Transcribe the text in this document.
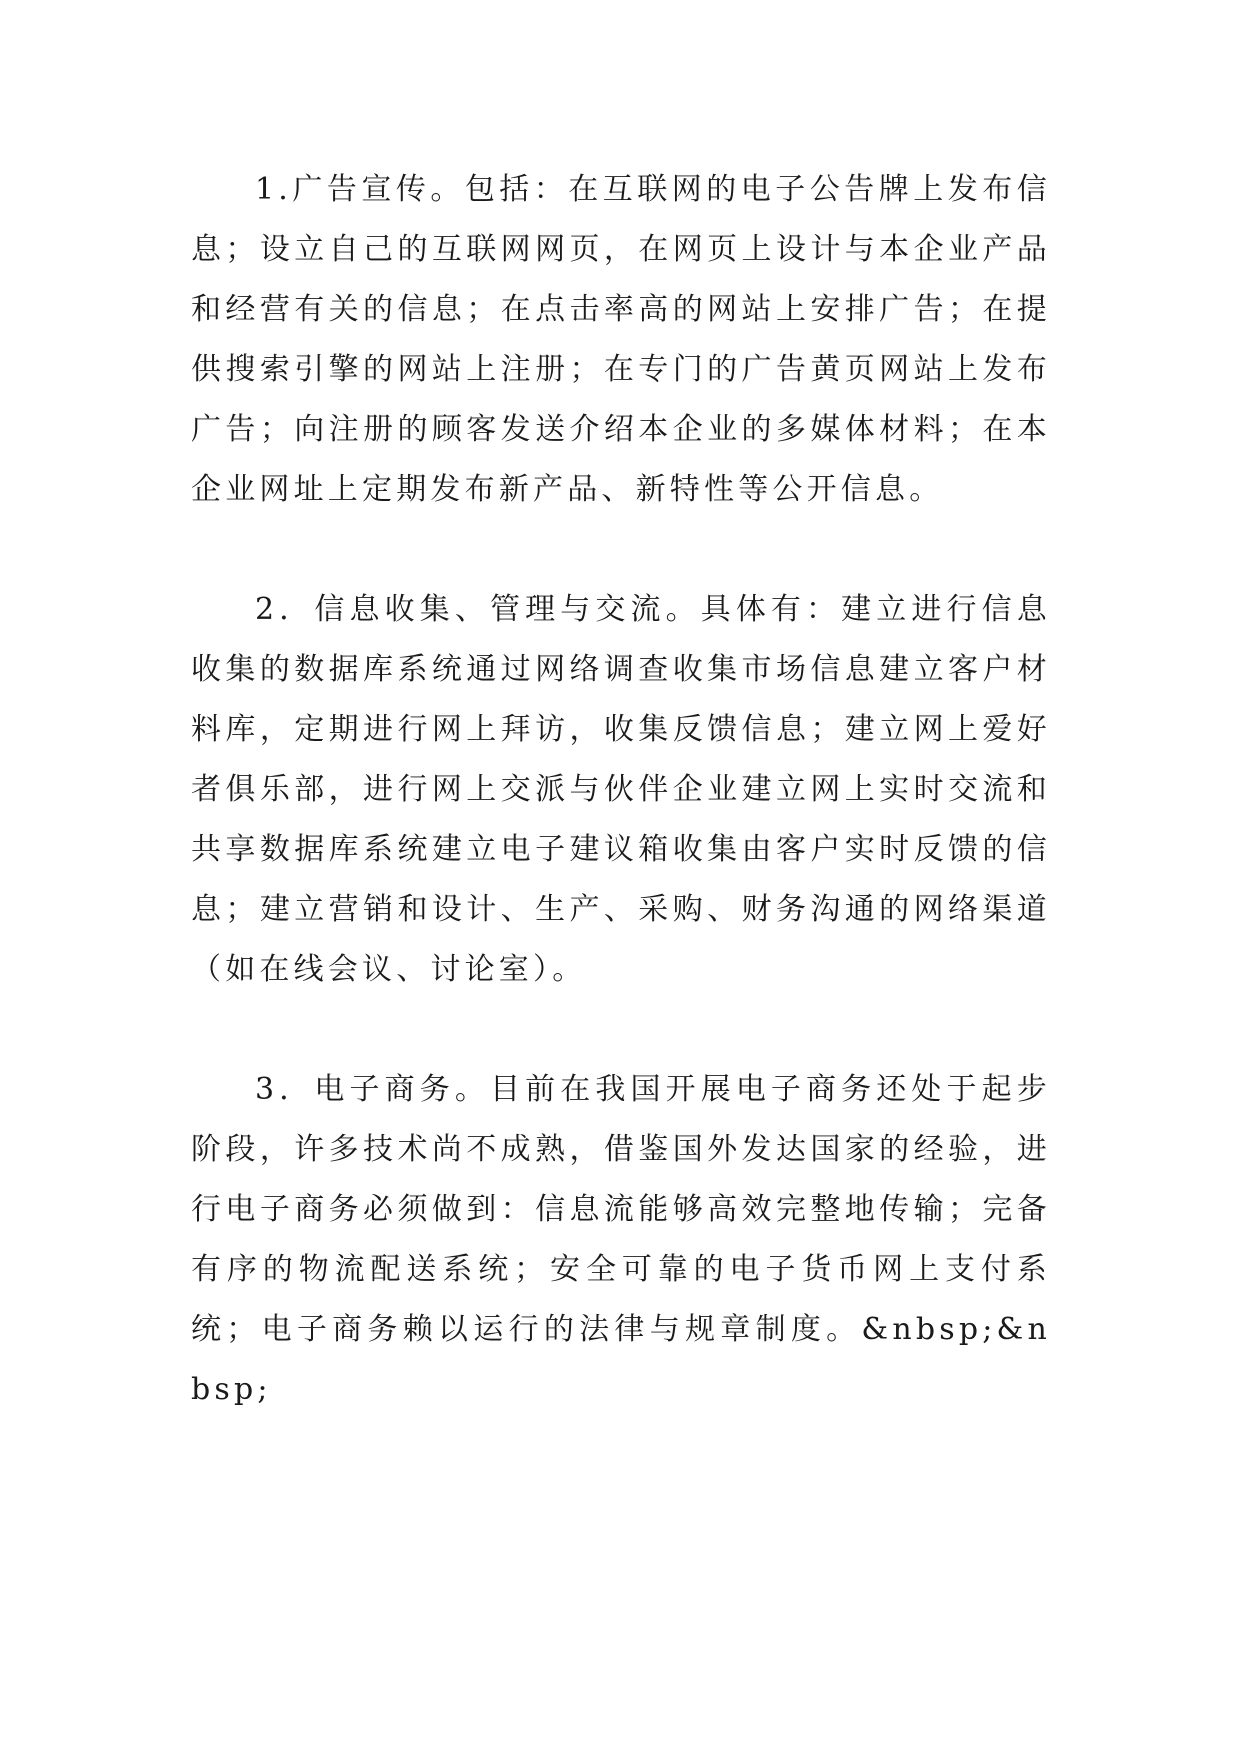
1.广告宣传。包括：在互联网的电子公告牌上发布信息；设立自己的互联网网页，在网页上设计与本企业产品和经营有关的信息；在点击率高的网站上安排广告；在提供搜索引擎的网站上注册；在专门的广告黄页网站上发布广告；向注册的顾客发送介绍本企业的多媒体材料；在本企业网址上定期发布新产品、新特性等公开信息。

2．信息收集、管理与交流。具体有：建立进行信息收集的数据库系统通过网络调查收集市场信息建立客户材料库，定期进行网上拜访，收集反馈信息；建立网上爱好者俱乐部，进行网上交派与伙伴企业建立网上实时交流和共享数据库系统建立电子建议箱收集由客户实时反馈的信息；建立营销和设计、生产、采购、财务沟通的网络渠道（如在线会议、讨论室）。

3．电子商务。目前在我国开展电子商务还处于起步阶段，许多技术尚不成熟，借鉴国外发达国家的经验，进行电子商务必须做到：信息流能够高效完整地传输；完备有序的物流配送系统；安全可靠的电子货币网上支付系统；电子商务赖以运行的法律与规章制度。&nbsp;&nbsp;
